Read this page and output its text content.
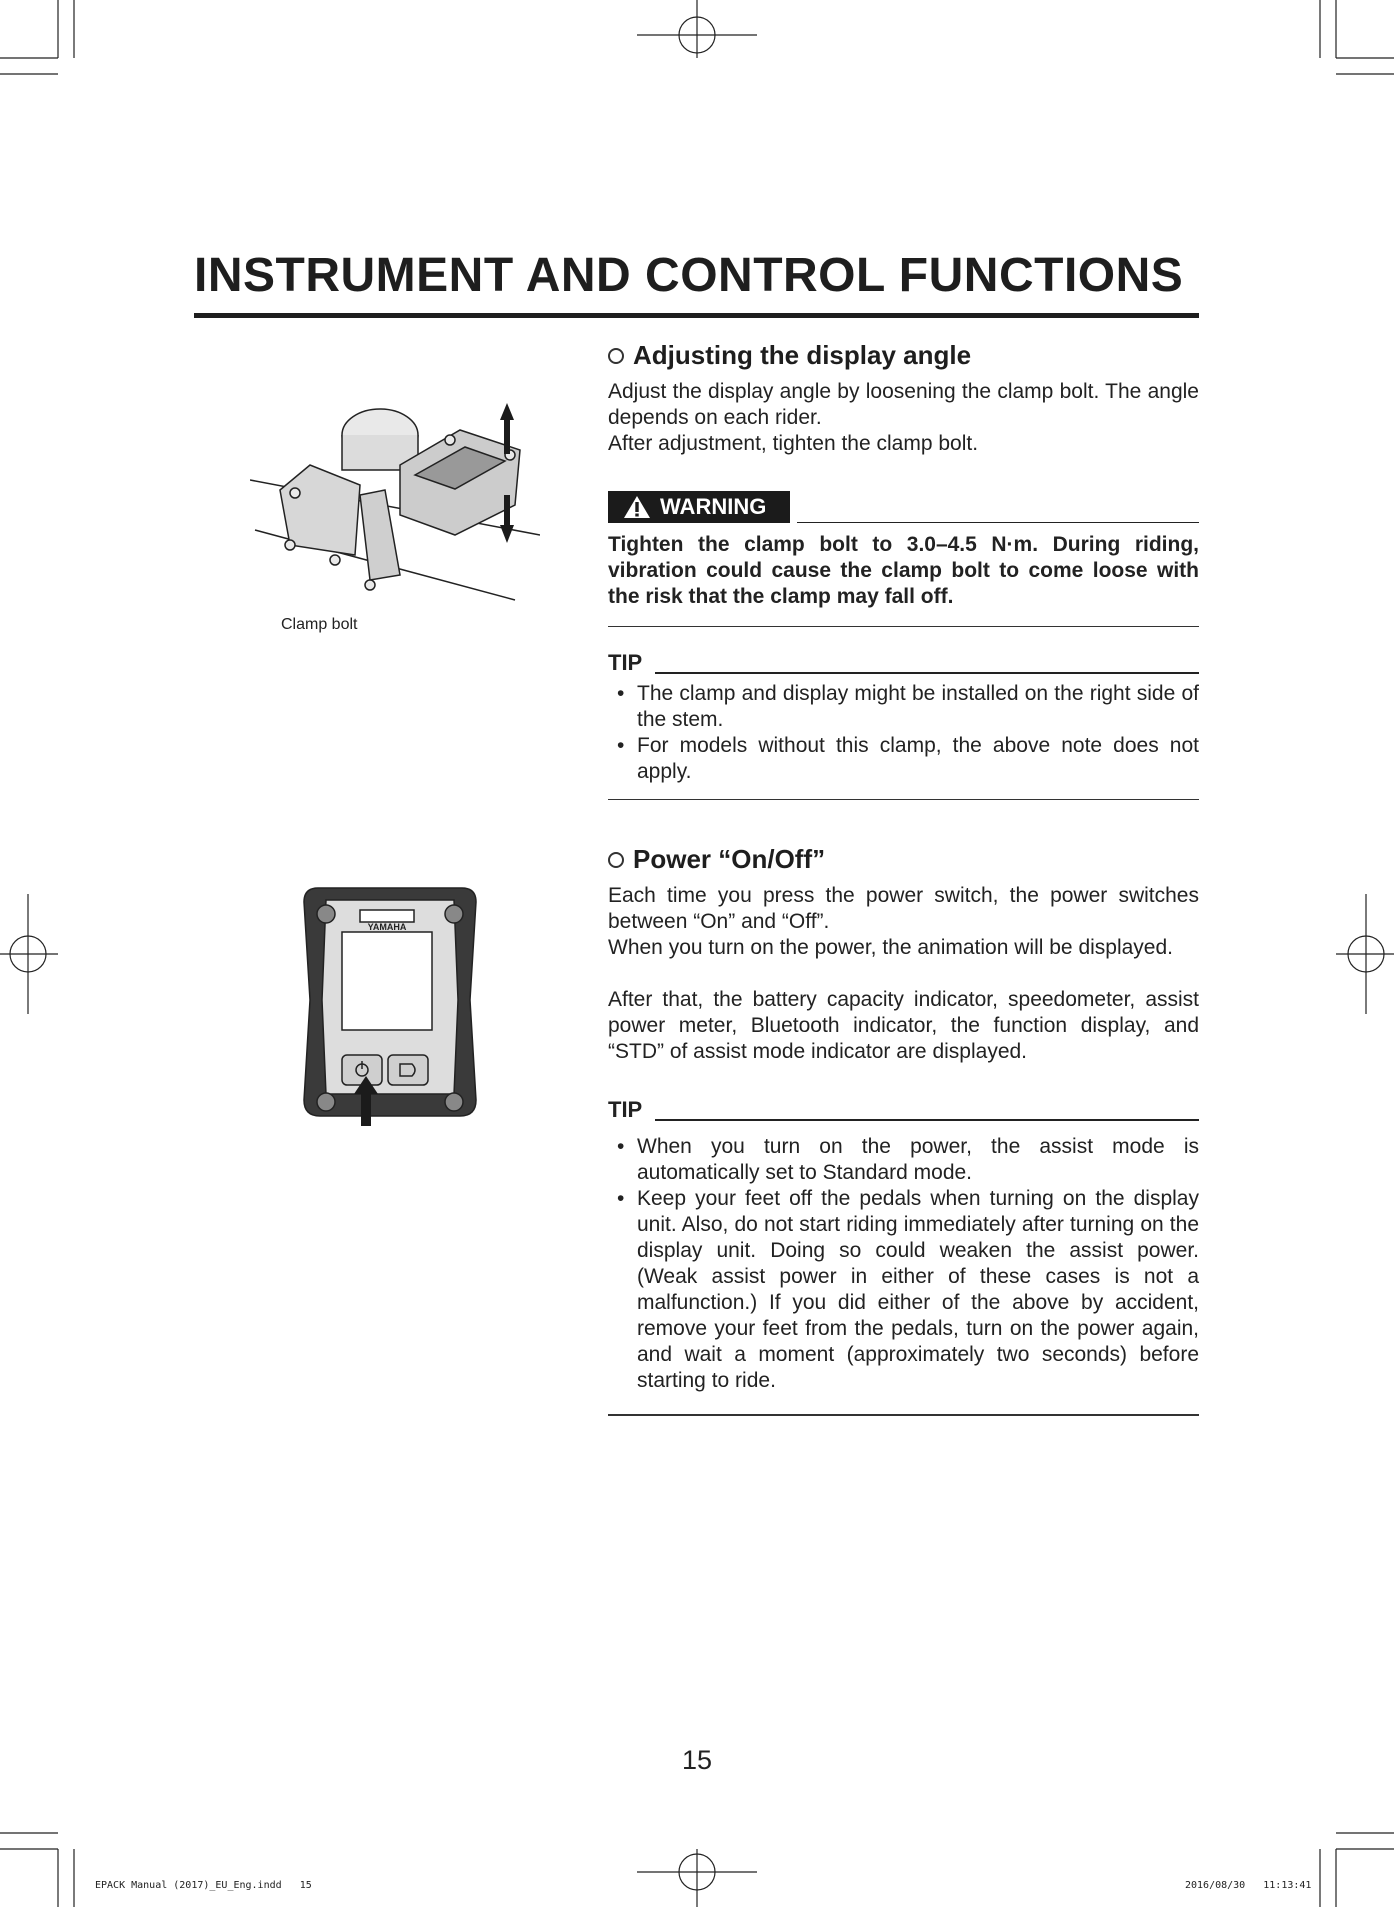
INSTRUMENT AND CONTROL FUNCTIONS
Clamp bolt
Adjusting the display angle

Adjust the display angle by loosening the clamp bolt. The angle depends on each rider.

After adjustment, tighten the clamp bolt.

WARNING

Tighten the clamp bolt to 3.0–4.5 N·m. During riding, vibration could cause the clamp bolt to come loose with the risk that the clamp may fall off.

TIP
• The clamp and display might be installed on the right side of the stem.
• For models without this clamp, the above note does not apply.
YAMAHA
Power “On/Off”

Each time you press the power switch, the power switches between “On” and “Off”.

When you turn on the power, the animation will be displayed.

After that, the battery capacity indicator, speedometer, assist power meter, Bluetooth indicator, the function display, and “STD” of assist mode indicator are displayed.

TIP
• When you turn on the power, the assist mode is automatically set to Standard mode.
• Keep your feet off the pedals when turning on the display unit. Also, do not start riding immediately after turning on the display unit. Doing so could weaken the assist power. (Weak assist power in either of these cases is not a malfunction.) If you did either of the above by accident, remove your feet from the pedals, turn on the power again, and wait a moment (approximately two seconds) before starting to ride.
15
EPACK Manual (2017)_EU_Eng.indd   15	2016/08/30   11:13:41
